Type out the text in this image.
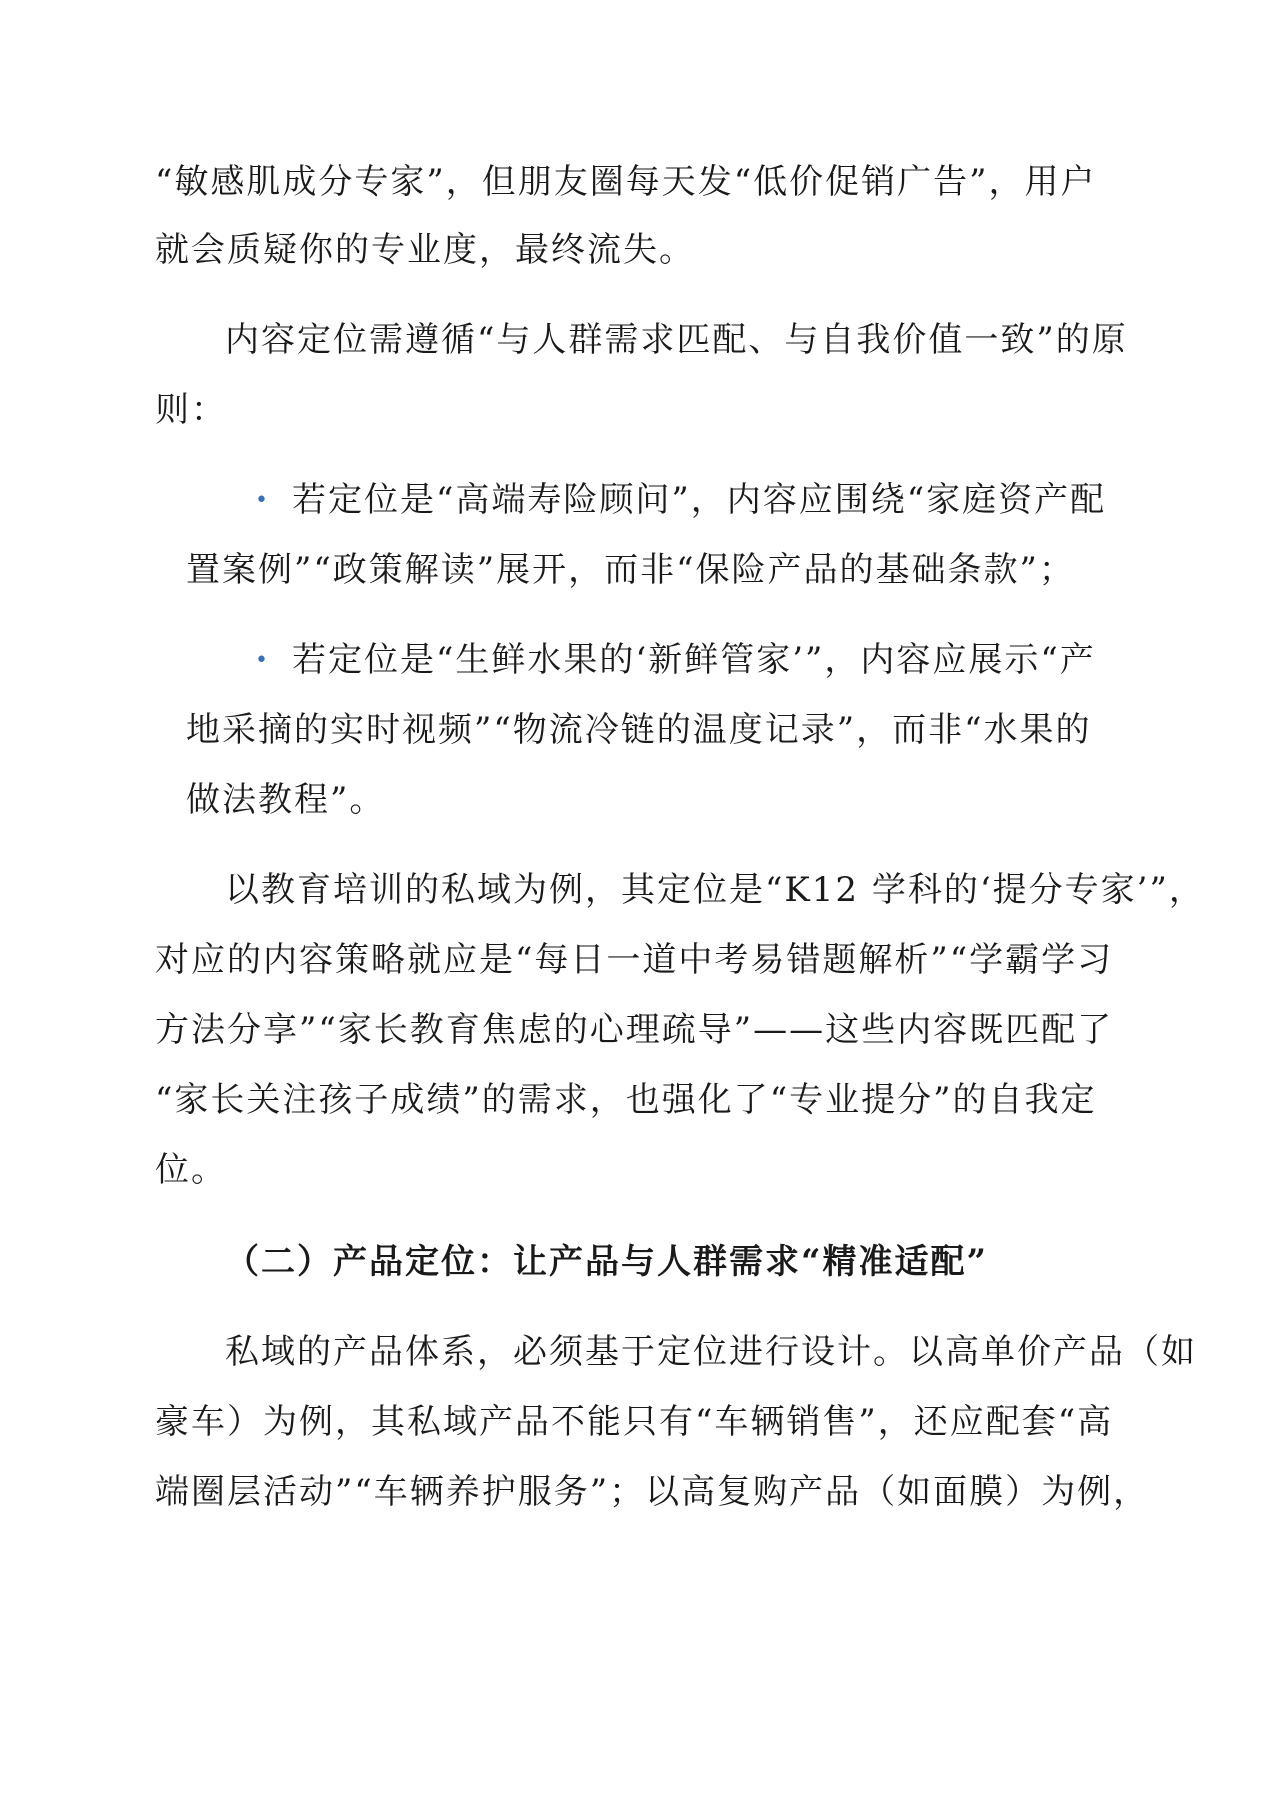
“敏感肌成分专家”，但朋友圈每天发“低价促销广告”，用户
就会质疑你的专业度，最终流失。
内容定位需遵循“与人群需求匹配、与自我价值一致”的原
则：
• 若定位是“高端寿险顾问”，内容应围绕“家庭资产配
置案例”“政策解读”展开，而非“保险产品的基础条款”；
• 若定位是“生鲜水果的‘新鲜管家’”，内容应展示“产
地采摘的实时视频”“物流冷链的温度记录”，而非“水果的
做法教程”。
以教育培训的私域为例，其定位是“K12 学科的‘提分专家’”，
对应的内容策略就应是“每日一道中考易错题解析”“学霸学习
方法分享”“家长教育焦虑的心理疏导”——这些内容既匹配了
“家长关注孩子成绩”的需求，也强化了“专业提分”的自我定
位。
（二）产品定位：让产品与人群需求“精准适配”
私域的产品体系，必须基于定位进行设计。以高单价产品（如
豪车）为例，其私域产品不能只有“车辆销售”，还应配套“高
端圈层活动”“车辆养护服务”；以高复购产品（如面膜）为例，
